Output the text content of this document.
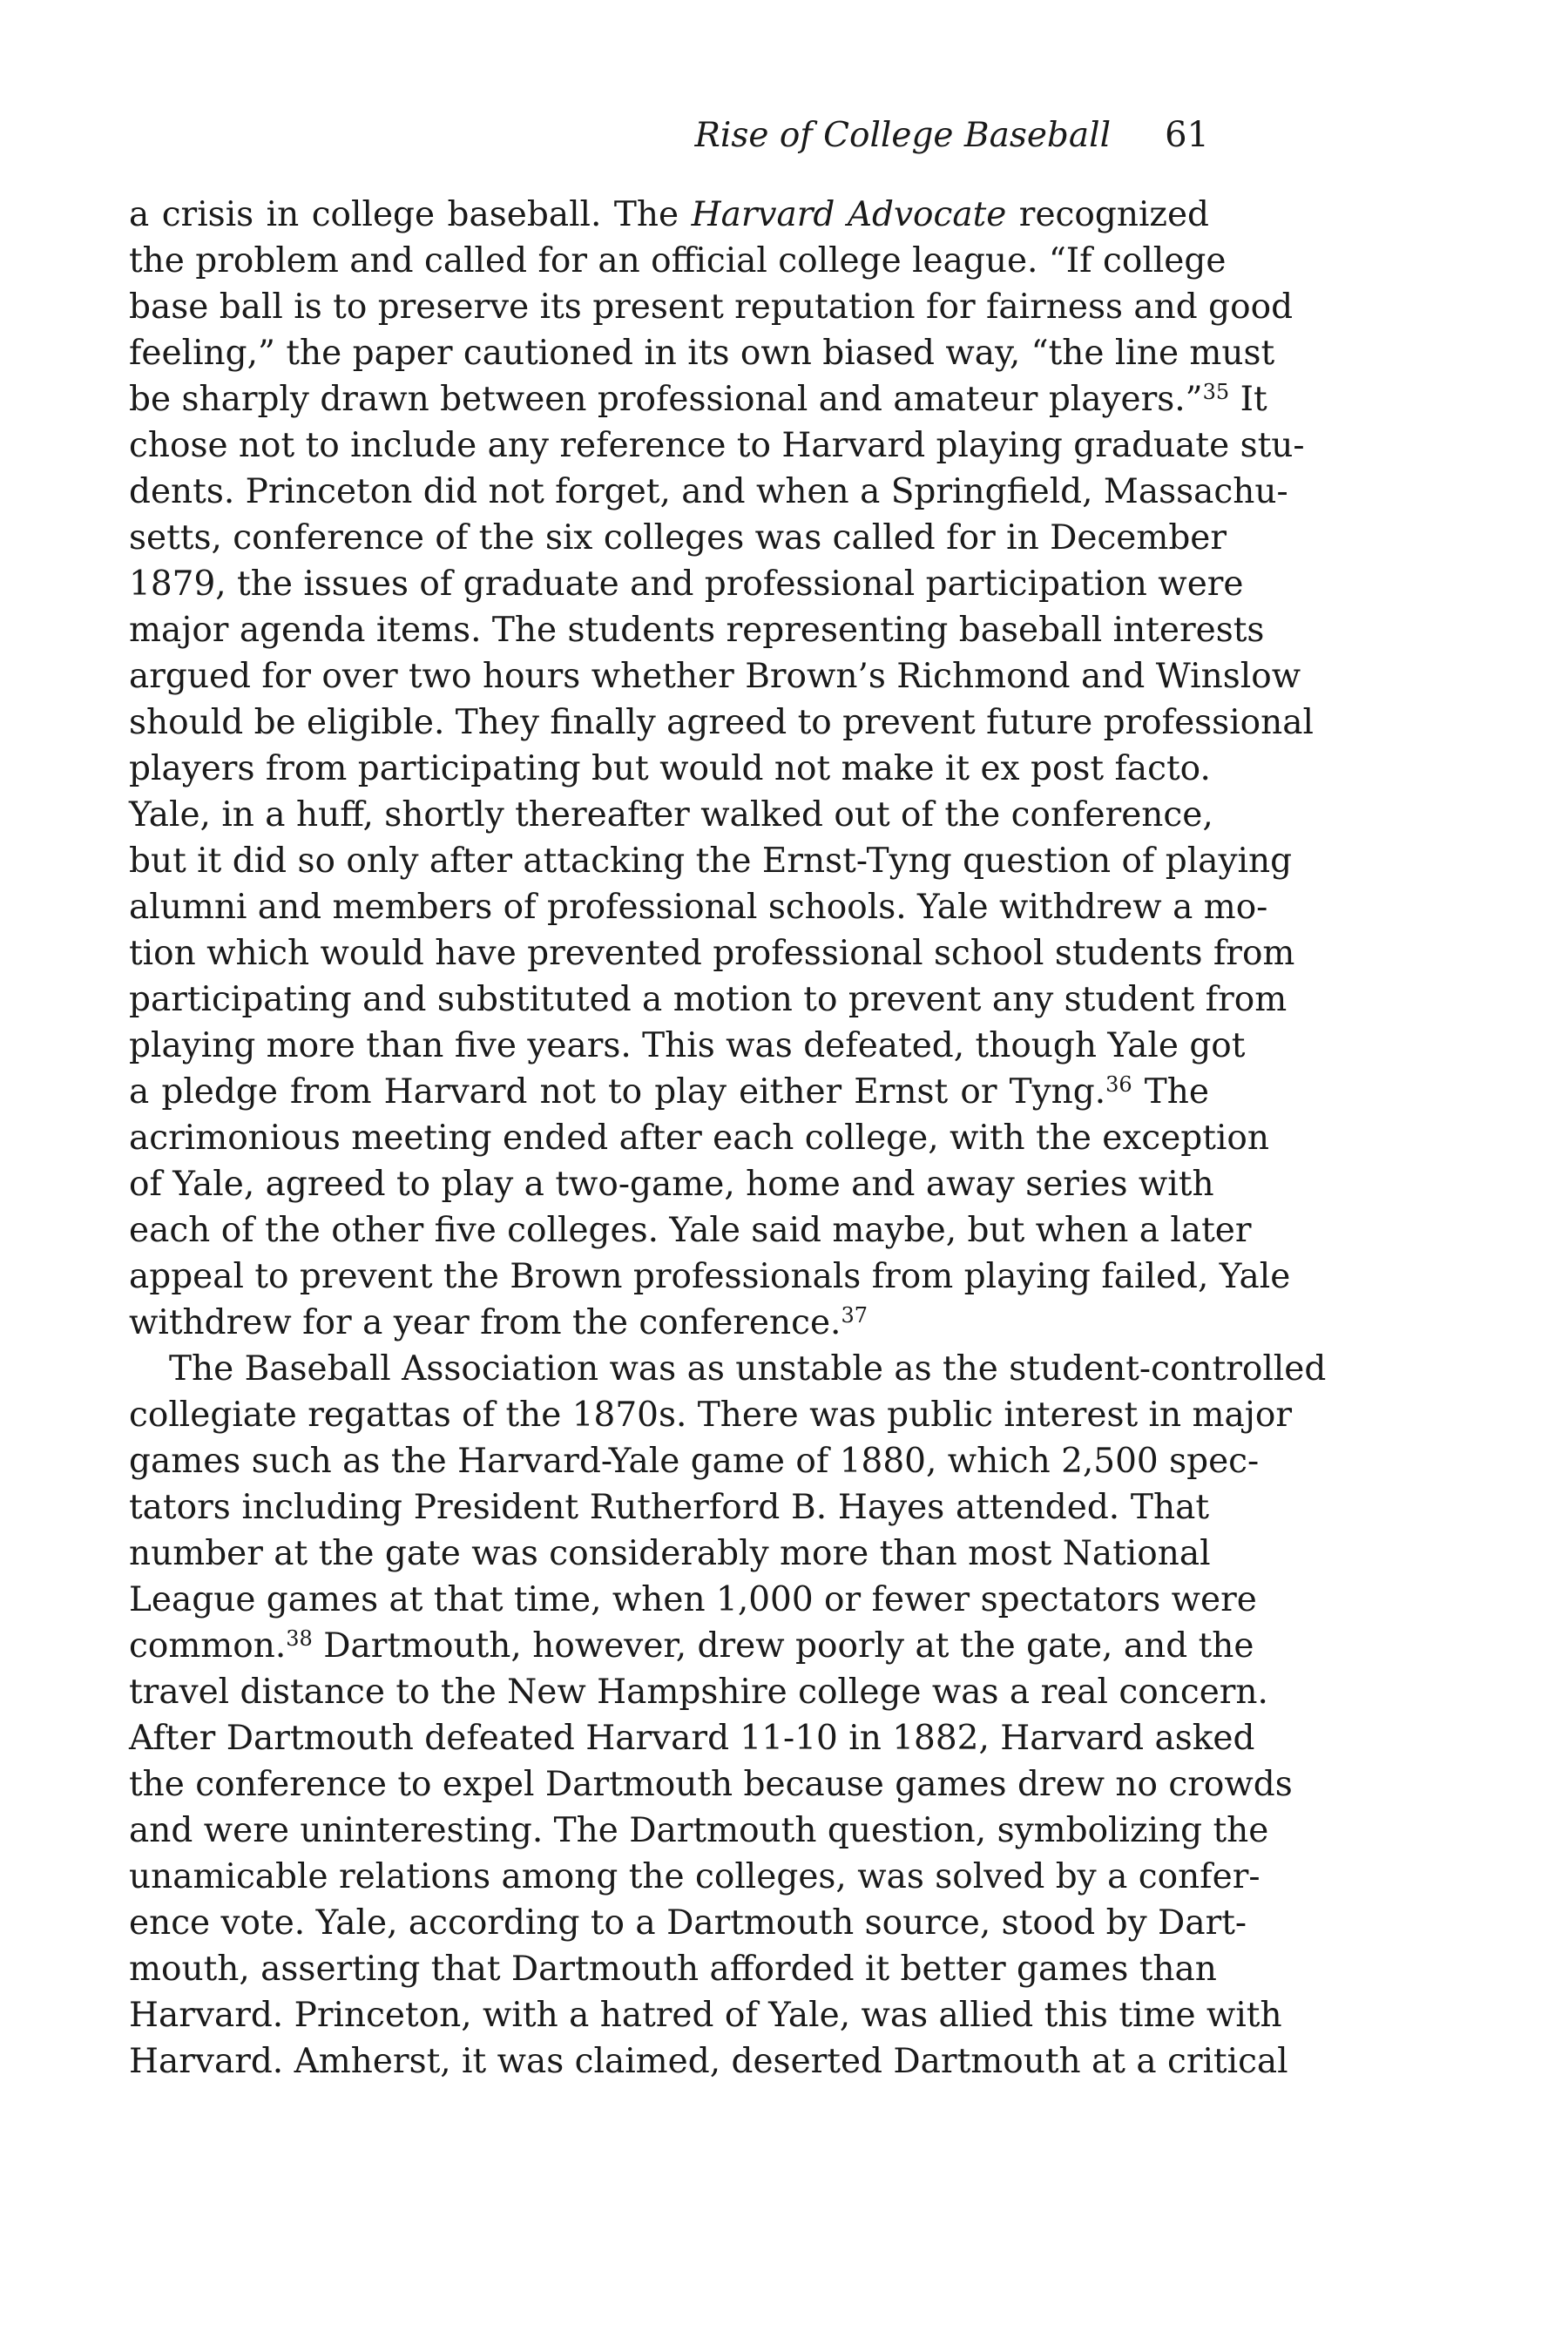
Rise of College Baseball 61
a crisis in college baseball. The Harvard Advocate recognized
the problem and called for an official college league. “If college
base ball is to preserve its present reputation for fairness and good
feeling,” the paper cautioned in its own biased way, “the line must
be sharply drawn between professional and amateur players.”$^{35}$ It
chose not to include any reference to Harvard playing graduate stu-
dents. Princeton did not forget, and when a Springfield, Massachu-
setts, conference of the six colleges was called for in December
1879, the issues of graduate and professional participation were
major agenda items. The students representing baseball interests
argued for over two hours whether Brown’s Richmond and Winslow
should be eligible. They finally agreed to prevent future professional
players from participating but would not make it ex post facto.
Yale, in a huff, shortly thereafter walked out of the conference,
but it did so only after attacking the Ernst-Tyng question of playing
alumni and members of professional schools. Yale withdrew a mo-
tion which would have prevented professional school students from
participating and substituted a motion to prevent any student from
playing more than five years. This was defeated, though Yale got
a pledge from Harvard not to play either Ernst or Tyng.$^{36}$ The
acrimonious meeting ended after each college, with the exception
of Yale, agreed to play a two-game, home and away series with
each of the other five colleges. Yale said maybe, but when a later
appeal to prevent the Brown professionals from playing failed, Yale
withdrew for a year from the conference.$^{37}$
The Baseball Association was as unstable as the student-controlled
collegiate regattas of the 1870s. There was public interest in major
games such as the Harvard-Yale game of 1880, which 2,500 spec-
tators including President Rutherford B. Hayes attended. That
number at the gate was considerably more than most National
League games at that time, when 1,000 or fewer spectators were
common.$^{38}$ Dartmouth, however, drew poorly at the gate, and the
travel distance to the New Hampshire college was a real concern.
After Dartmouth defeated Harvard 11-10 in 1882, Harvard asked
the conference to expel Dartmouth because games drew no crowds
and were uninteresting. The Dartmouth question, symbolizing the
unamicable relations among the colleges, was solved by a confer-
ence vote. Yale, according to a Dartmouth source, stood by Dart-
mouth, asserting that Dartmouth afforded it better games than
Harvard. Princeton, with a hatred of Yale, was allied this time with
Harvard. Amherst, it was claimed, deserted Dartmouth at a critical
